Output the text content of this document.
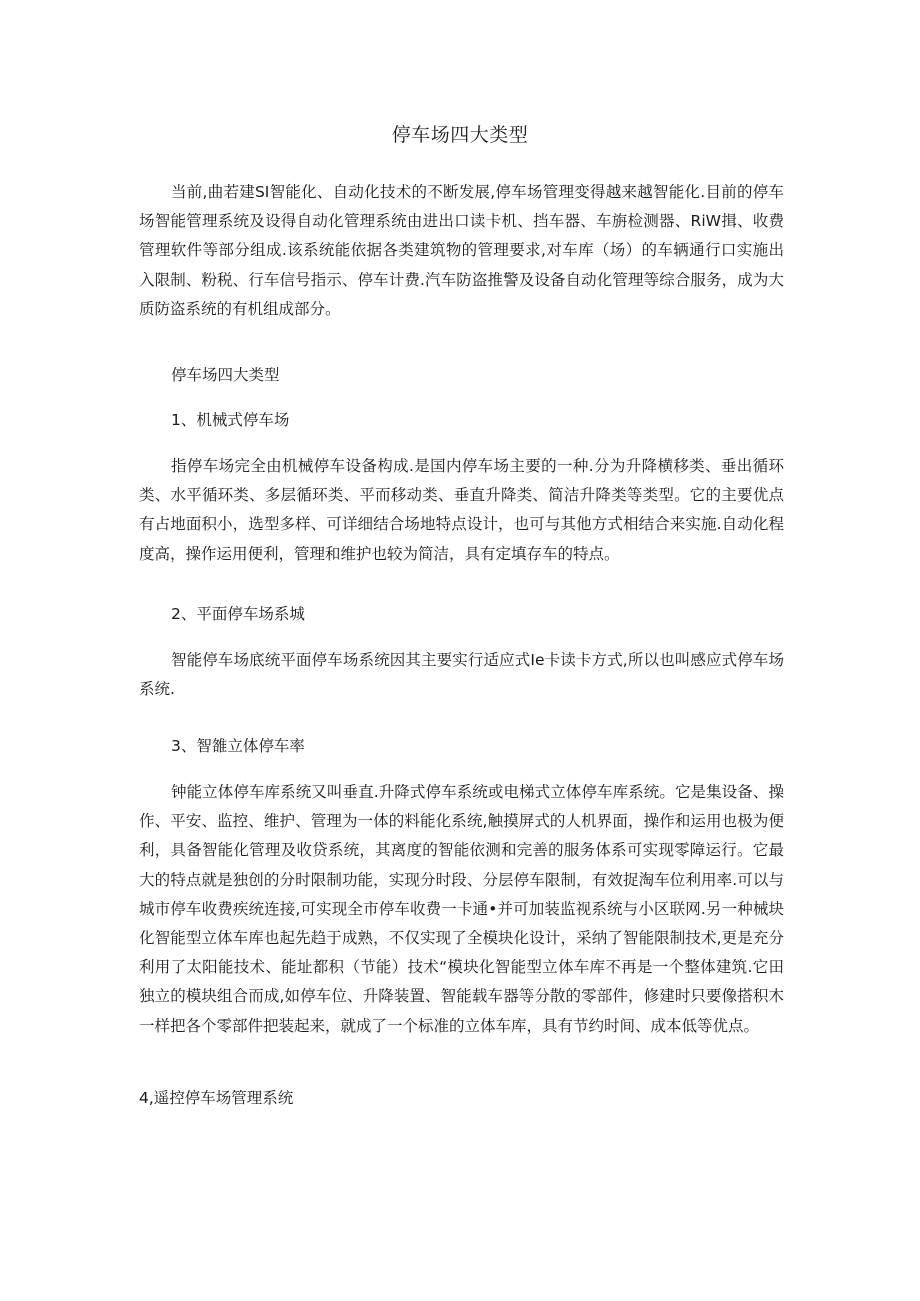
停车场四大类型

当前,曲若建SI智能化、自动化技术的不断发展,停车场管理变得越来越智能化.目前的停车场智能管理系统及设得自动化管理系统由进出口读卡机、挡车器、车旃检测器、RiW揖、收费管理软件等部分组成.该系统能依据各类建筑物的管理要求,对车库（场）的车辆通行口实施出入限制、粉税、行车信号指示、停车计费.汽车防盗推警及设备自动化管理等综合服务，成为大质防盗系统的有机组成部分。

停车场四大类型

1、机械式停车场

指停车场完全由机械停车设备构成.是国内停车场主要的一种.分为升降横移类、垂出循环类、水平循环类、多层循环类、平而移动类、垂直升降类、简洁升降类等类型。它的主要优点有占地面积小，选型多样、可详细结合场地特点设计，也可与其他方式相结合来实施.自动化程度高，操作运用便利，管理和维护也较为简洁，具有定填存车的特点。

2、平面停车场系城

智能停车场底统平面停车场系统因其主要实行适应式Ie卡读卡方式,所以也叫感应式停车场系统.

3、智雒立体停车率

钟能立体停车库系统又叫垂直.升降式停车系统或电梯式立体停车库系统。它是集设备、操作、平安、监控、维护、管理为一体的料能化系统,触摸屏式的人机界面，操作和运用也极为便利，具备智能化管理及收贷系统，其离度的智能依测和完善的服务体系可实现零障运行。它最大的特点就是独创的分时限制功能，实现分时段、分层停车限制，有效捉淘车位利用率.可以与城市停车收费疾统连接,可实现全市停车收费一卡通•并可加装监视系统与小区联网.另一种械块化智能型立体车库也起先趋于成熟，不仅实现了全模块化设计，采纳了智能限制技术,更是充分利用了太阳能技术、能址都积（节能）技术“模块化智能型立体车库不再是一个整体建筑.它田独立的模块组合而成,如停车位、升降装置、智能载车器等分散的零部件，修建时只要像搭积木一样把各个零部件把装起来，就成了一个标准的立体车库，具有节约时间、成本低等优点。

4,遥控停车场管理系统
